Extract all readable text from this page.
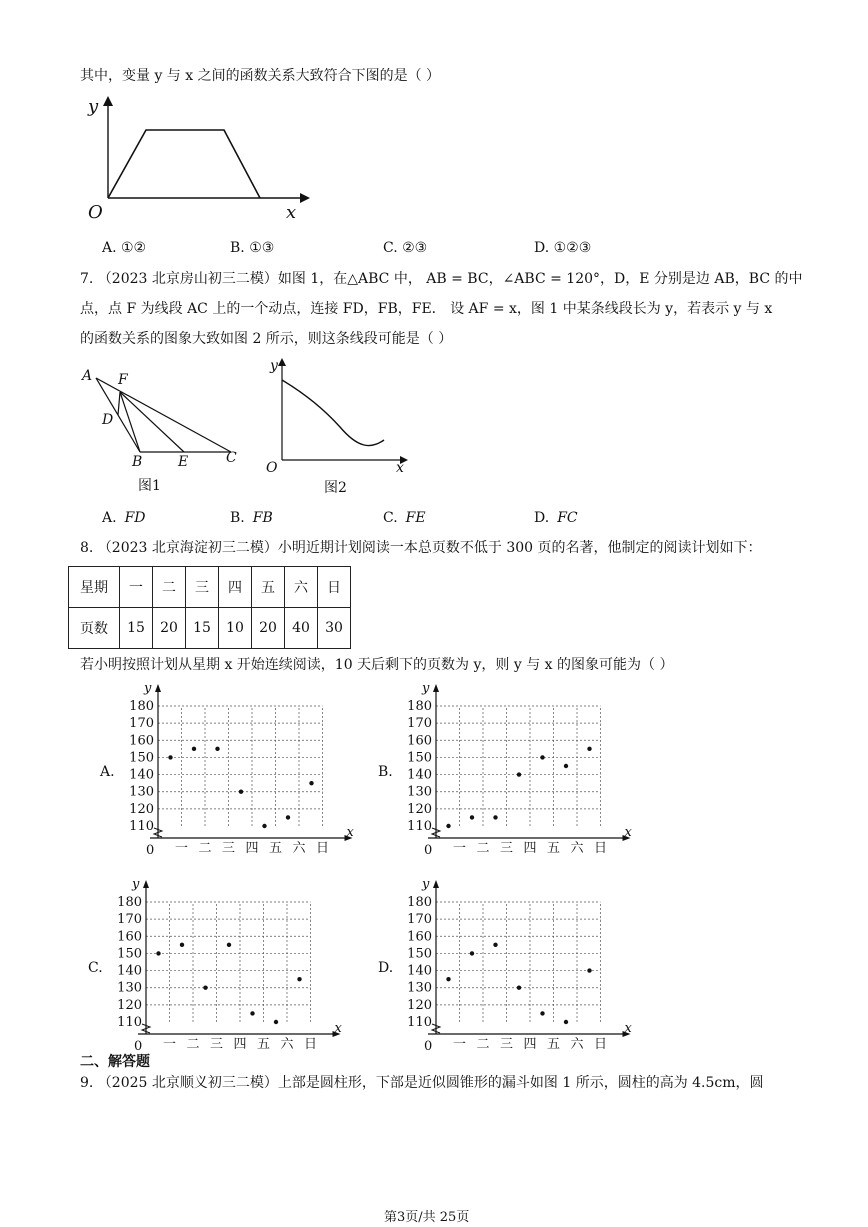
其中，变量 y 与 x 之间的函数关系大致符合下图的是（ ）
y
x
O
A. ①②	B. ①③	C. ②③	D. ①②③
7. （2023 北京房山初三二模）如图 1，在△ABC 中， AB = BC，∠ABC = 120°，D，E 分别是边 AB，BC 的中
点，点 F 为线段 AC 上的一个动点，连接 FD，FB，FE． 设 AF = x，图 1 中某条线段长为 y，若表示 y 与 x
的函数关系的图象大致如图 2 所示，则这条线段可能是（ ）
A F
D
B	E	C
图1
y
x
O
图2
A. FD	B. FB	C. FE	D. FC
8. （2023 北京海淀初三二模）小明近期计划阅读一本总页数不低于 300 页的名著，他制定的阅读计划如下：
星期	一	二	三	四	五	六	日
页数	15	20	15	10	20	40	30
若小明按照计划从星期 x 开始连续阅读，10 天后剩下的页数为 y，则 y 与 x 的图象可能为（ ）
A.
110
120
130
140
150
160
170
180
一 二 三 四 五 六 日
y
x
0
B.
110
120
130
140
150
160
170
180
一 二 三 四 五 六 日
y
x
0
C.
110
120
130
140
150
160
170
180
一 二 三 四 五 六 日
y
x
0
D.
110
120
130
140
150
160
170
180
一 二 三 四 五 六 日
y
x
0
二、解答题
9. （2025 北京顺义初三二模）上部是圆柱形，下部是近似圆锥形的漏斗如图 1 所示，圆柱的高为 4.5cm，圆
第3页/共 25页
